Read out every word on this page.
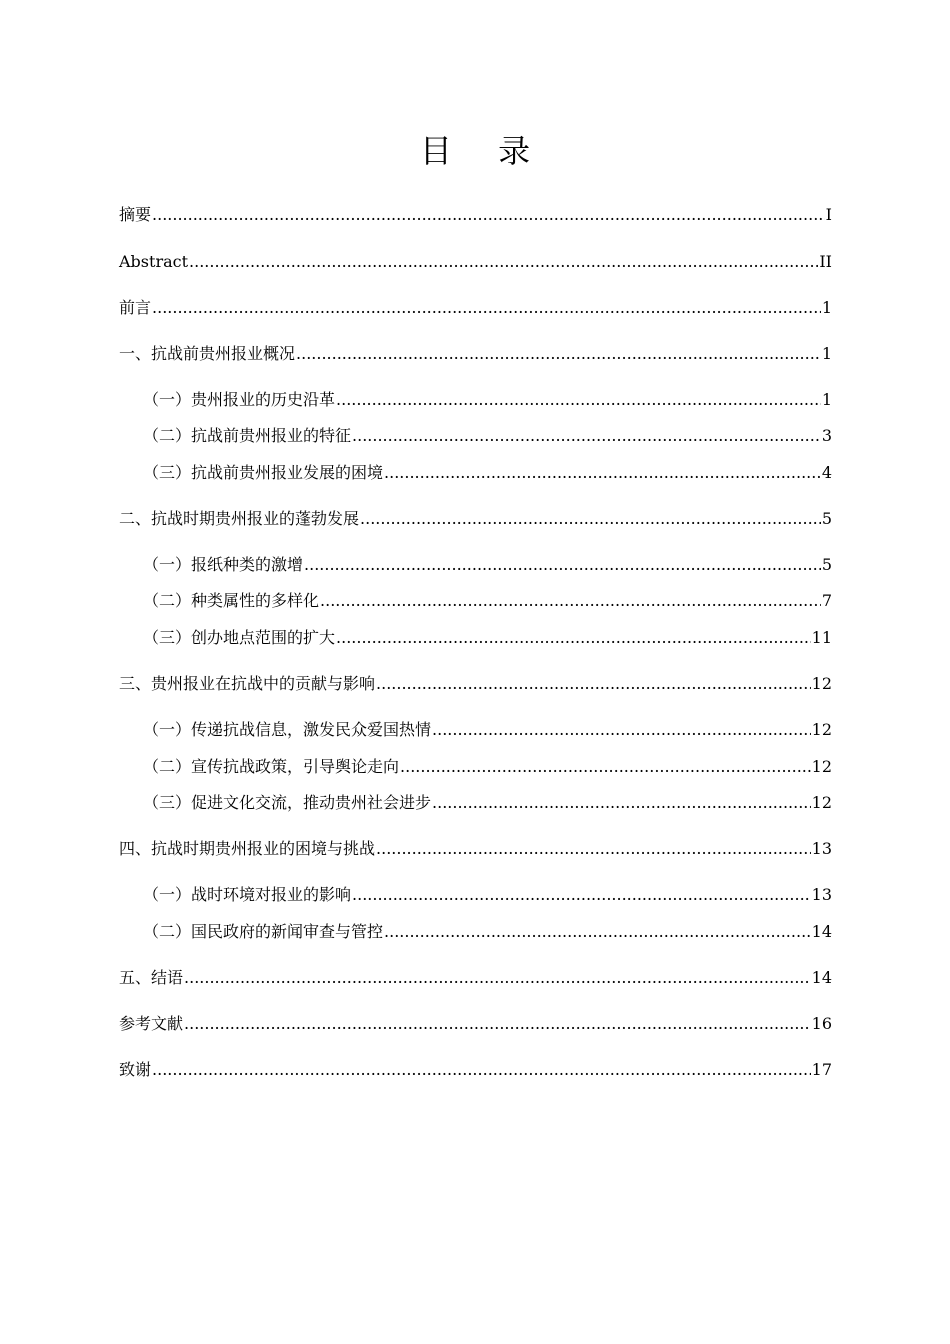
目 录
摘要 .....	I
Abstract .....	II
前言 .....	1
一、抗战前贵州报业概况 .....	1
（一）贵州报业的历史沿革 .....	1
（二）抗战前贵州报业的特征 .....	3
（三）抗战前贵州报业发展的困境 .....	4
二、抗战时期贵州报业的蓬勃发展 .....	5
（一）报纸种类的激增 .....	5
（二）种类属性的多样化 .....	7
（三）创办地点范围的扩大 .....	11
三、贵州报业在抗战中的贡献与影响 .....	12
（一）传递抗战信息，激发民众爱国热情 .....	12
（二）宣传抗战政策，引导舆论走向 .....	12
（三）促进文化交流，推动贵州社会进步 .....	12
四、抗战时期贵州报业的困境与挑战 .....	13
（一）战时环境对报业的影响 .....	13
（二）国民政府的新闻审查与管控 .....	14
五、结语 .....	14
参考文献 .....	16
致谢 .....	17
